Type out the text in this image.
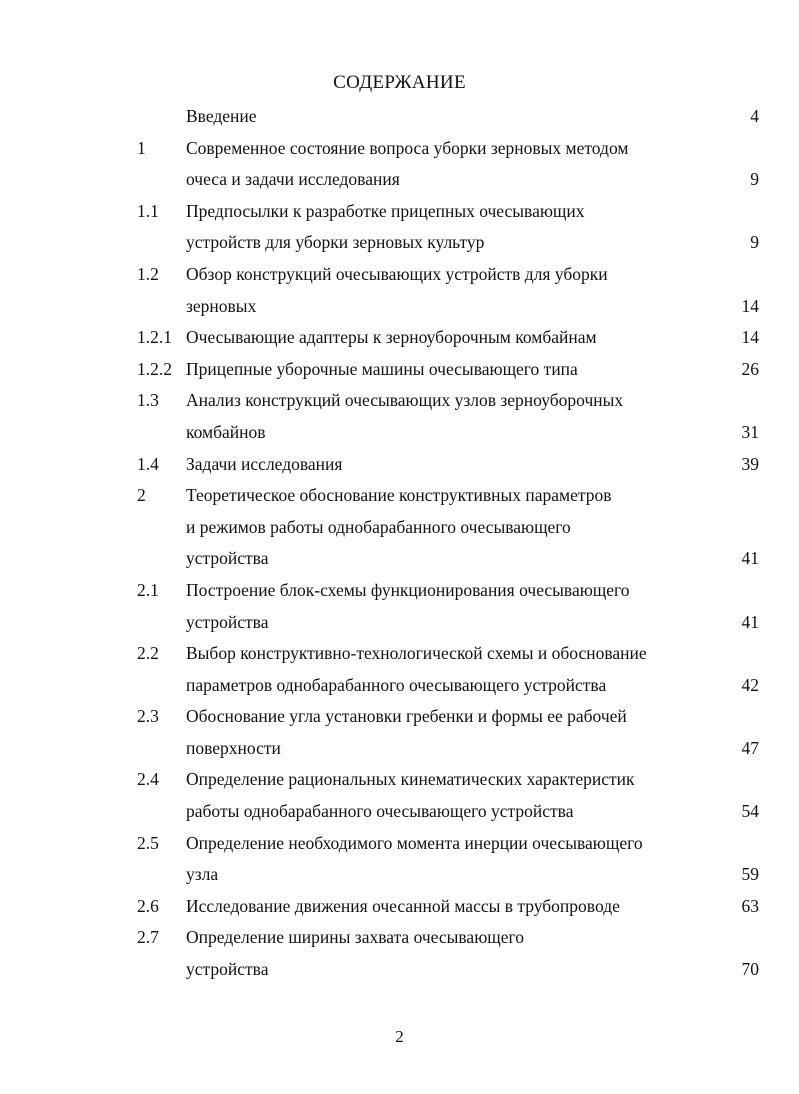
СОДЕРЖАНИЕ
Введение	4
1 Современное состояние вопроса уборки зерновых методом
очеса и задачи исследования	9
1.1 Предпосылки к разработке прицепных очесывающих
устройств для уборки зерновых культур	9
1.2 Обзор конструкций очесывающих устройств для уборки
зерновых	14
1.2.1 Очесывающие адаптеры к зерноуборочным комбайнам	14
1.2.2 Прицепные уборочные машины очесывающего типа	26
1.3 Анализ конструкций очесывающих узлов зерноуборочных
комбайнов	31
1.4 Задачи исследования	39
2 Теоретическое обоснование конструктивных параметров
и режимов работы однобарабанного очесывающего
устройства	41
2.1 Построение блок-схемы функционирования очесывающего
устройства	41
2.2 Выбор конструктивно-технологической схемы и обоснование
параметров однобарабанного очесывающего устройства	42
2.3 Обоснование угла установки гребенки и формы ее рабочей
поверхности	47
2.4 Определение рациональных кинематических характеристик
работы однобарабанного очесывающего устройства	54
2.5 Определение необходимого момента инерции очесывающего
узла	59
2.6 Исследование движения очесанной массы в трубопроводе	63
2.7 Определение ширины захвата очесывающего
устройства	70
2
